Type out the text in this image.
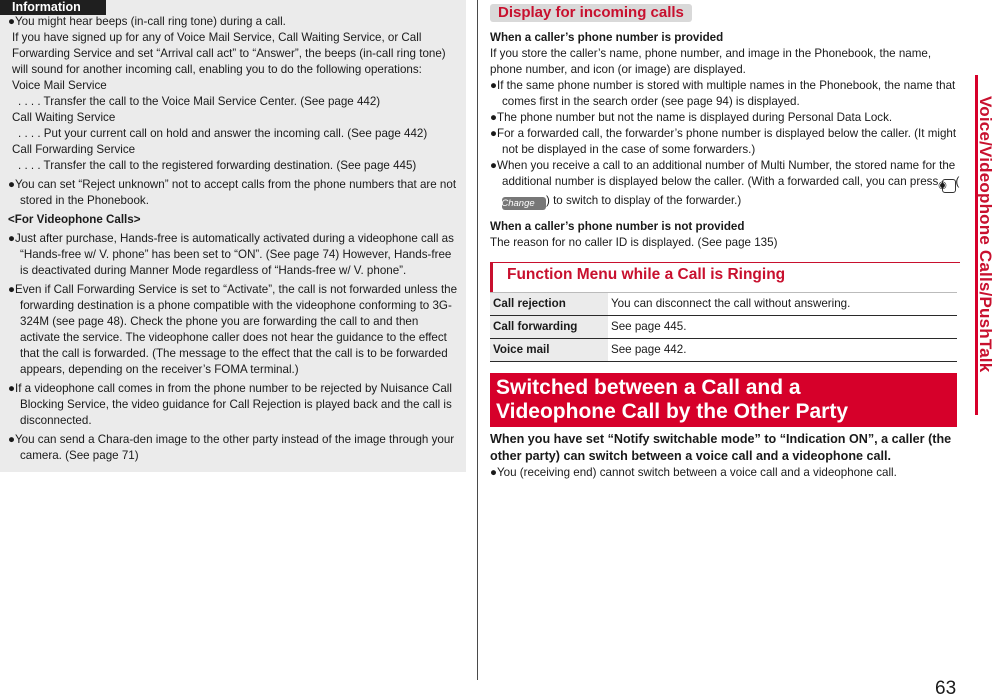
Information

●You might hear beeps (in-call ring tone) during a call.

If you have signed up for any of Voice Mail Service, Call Waiting Service, or Call Forwarding Service and set “Arrival call act” to “Answer”, the beeps (in-call ring tone) will sound for another incoming call, enabling you to do the following operations:

Voice Mail Service

. . . . Transfer the call to the Voice Mail Service Center. (See page 442)

Call Waiting Service

. . . . Put your current call on hold and answer the incoming call. (See page 442)

Call Forwarding Service

. . . . Transfer the call to the registered forwarding destination. (See page 445)

●You can set “Reject unknown” not to accept calls from the phone numbers that are not stored in the Phonebook.

<For Videophone Calls>

●Just after purchase, Hands-free is automatically activated during a videophone call as “Hands-free w/ V. phone” has been set to “ON”. (See page 74) However, Hands-free is deactivated during Manner Mode regardless of “Hands-free w/ V. phone”.

●Even if Call Forwarding Service is set to “Activate”, the call is not forwarded unless the forwarding destination is a phone compatible with the videophone conforming to 3G-324M (see page 48). Check the phone you are forwarding the call to and then activate the service. The videophone caller does not hear the guidance to the effect that the call is forwarded. (The message to the effect that the call is to be forwarded appears, depending on the receiver’s FOMA terminal.)

●If a videophone call comes in from the phone number to be rejected by Nuisance Call Blocking Service, the video guidance for Call Rejection is played back and the call is disconnected.

●You can send a Chara-den image to the other party instead of the image through your camera. (See page 71)

Display for incoming calls
When a caller’s phone number is provided

If you store the caller’s name, phone number, and image in the Phonebook, the name, phone number, and icon (or image) are displayed.

●If the same phone number is stored with multiple names in the Phonebook, the name that comes first in the search order (see page 94) is displayed.

●The phone number but not the name is displayed during Personal Data Lock.

●For a forwarded call, the forwarder’s phone number is displayed below the caller. (It might not be displayed in the case of some forwarders.)

●When you receive a call to an additional number of Multi Number, the stored name for the additional number is displayed below the caller. (With a forwarded call, you can press ◉ (Change ) to switch to display of the forwarder.)

When a caller’s phone number is not provided

The reason for no caller ID is displayed. (See page 135)

Function Menu while a Call is Ringing
Call rejection	You can disconnect the call without answering.
Call forwarding	See page 445.
Voice mail	See page 442.
Switched between a Call and a
Videophone Call by the Other Party

When you have set “Notify switchable mode” to “Indication ON”, a caller (the other party) can switch between a voice call and a videophone call.

●You (receiving end) cannot switch between a voice call and a videophone call.

Voice/Videophone Calls/PushTalk
63
